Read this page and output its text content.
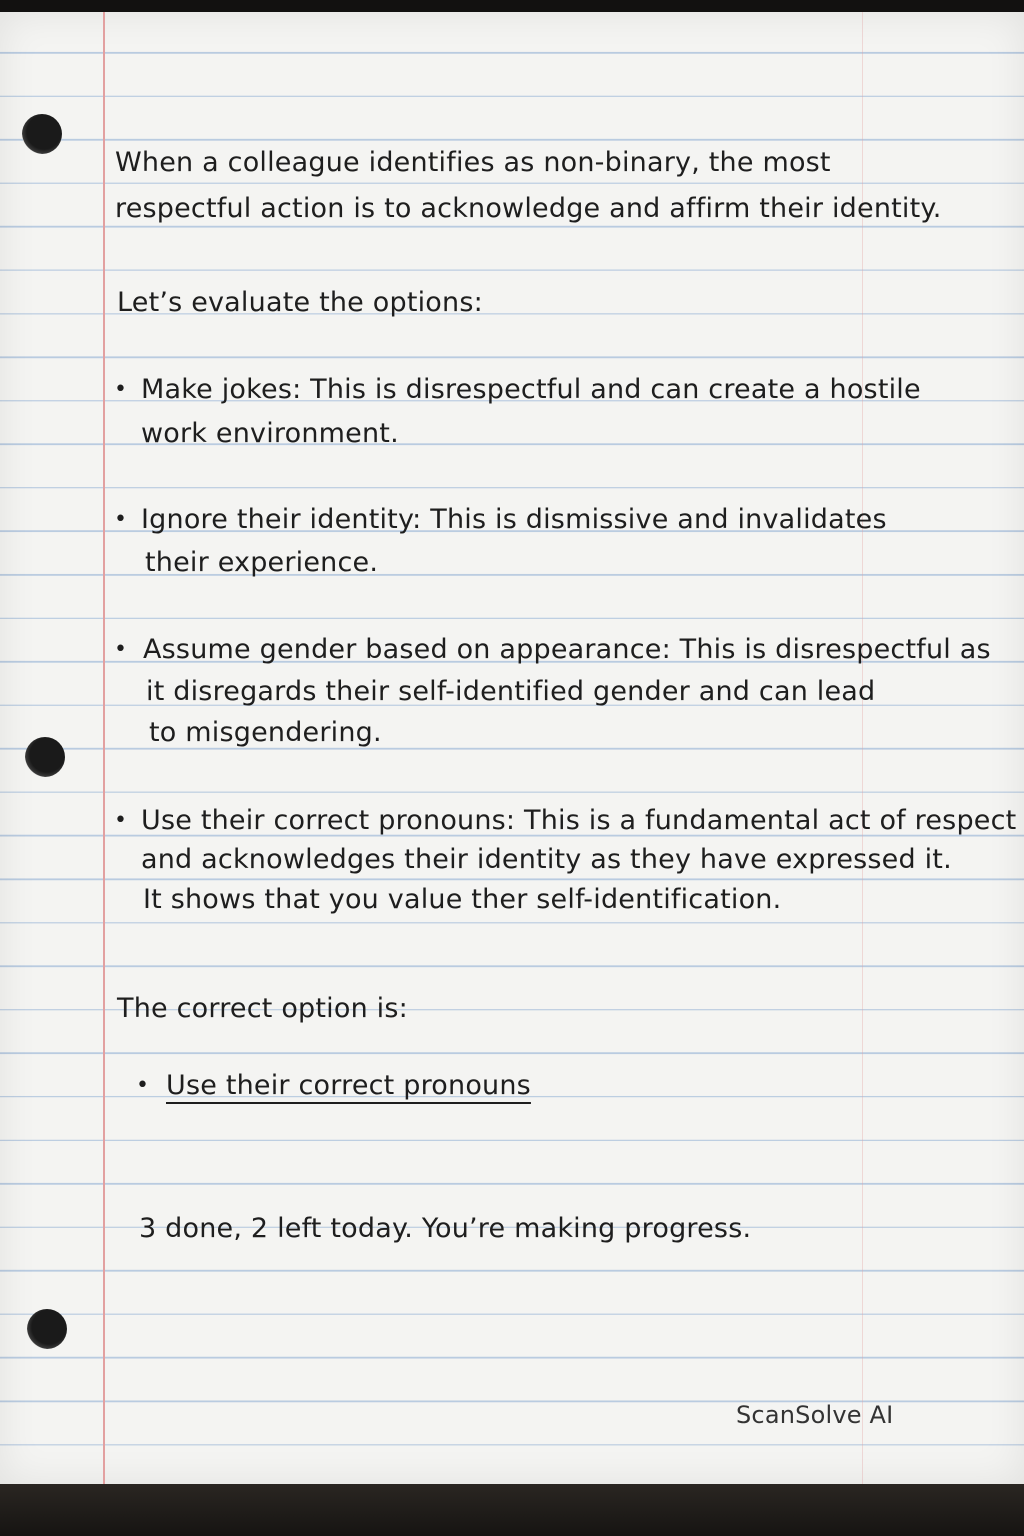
When a colleague identifies as non-binary, the most
respectful action is to acknowledge and affirm their identity.
Let’s evaluate the options:
• Make jokes: This is disrespectful and can create a hostile
work environment.
• Ignore their identity: This is dismissive and invalidates
their experience.
• Assume gender based on appearance: This is disrespectful as
it disregards their self-identified gender and can lead
to misgendering.
• Use their correct pronouns: This is a fundamental act of respect
and acknowledges their identity as they have expressed it.
It shows that you value ther self-identification.
The correct option is:
• Use their correct pronouns
3 done, 2 left today. You’re making progress.
ScanSolve AI
